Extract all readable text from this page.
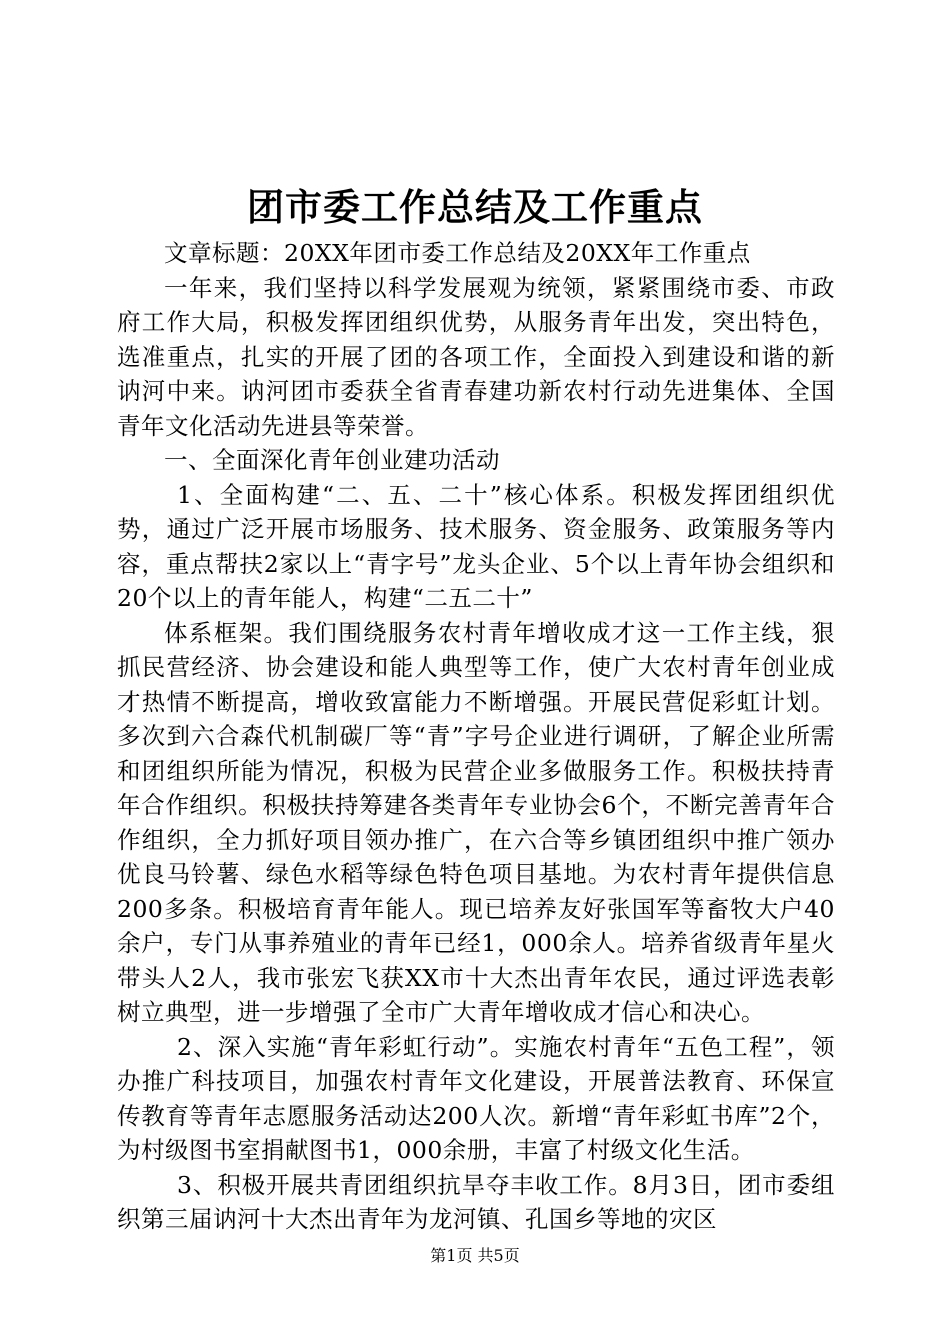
团市委工作总结及工作重点

文章标题：20XX年团市委工作总结及20XX年工作重点

一年来，我们坚持以科学发展观为统领，紧紧围绕市委、市政府工作大局，积极发挥团组织优势，从服务青年出发，突出特色，选准重点，扎实的开展了团的各项工作，全面投入到建设和谐的新讷河中来。讷河团市委获全省青春建功新农村行动先进集体、全国青年文化活动先进县等荣誉。

一、全面深化青年创业建功活动

1、全面构建“二、五、二十”核心体系。积极发挥团组织优势，通过广泛开展市场服务、技术服务、资金服务、政策服务等内容，重点帮扶2家以上“青字号”龙头企业、5个以上青年协会组织和20个以上的青年能人，构建“二五二十”

体系框架。我们围绕服务农村青年增收成才这一工作主线，狠抓民营经济、协会建设和能人典型等工作，使广大农村青年创业成才热情不断提高，增收致富能力不断增强。开展民营促彩虹计划。多次到六合森代机制碳厂等“青”字号企业进行调研，了解企业所需和团组织所能为情况，积极为民营企业多做服务工作。积极扶持青年合作组织。积极扶持筹建各类青年专业协会6个，不断完善青年合作组织，全力抓好项目领办推广，在六合等乡镇团组织中推广领办优良马铃薯、绿色水稻等绿色特色项目基地。为农村青年提供信息200多条。积极培育青年能人。现已培养友好张国军等畜牧大户40余户，专门从事养殖业的青年已经1，000余人。培养省级青年星火带头人2人，我市张宏飞获XX市十大杰出青年农民，通过评选表彰树立典型，进一步增强了全市广大青年增收成才信心和决心。

2、深入实施“青年彩虹行动”。实施农村青年“五色工程”，领办推广科技项目，加强农村青年文化建设，开展普法教育、环保宣传教育等青年志愿服务活动达200人次。新增“青年彩虹书库”2个，为村级图书室捐献图书1，000余册，丰富了村级文化生活。

3、积极开展共青团组织抗旱夺丰收工作。8月3日，团市委组织第三届讷河十大杰出青年为龙河镇、孔国乡等地的灾区

第1页 共5页
